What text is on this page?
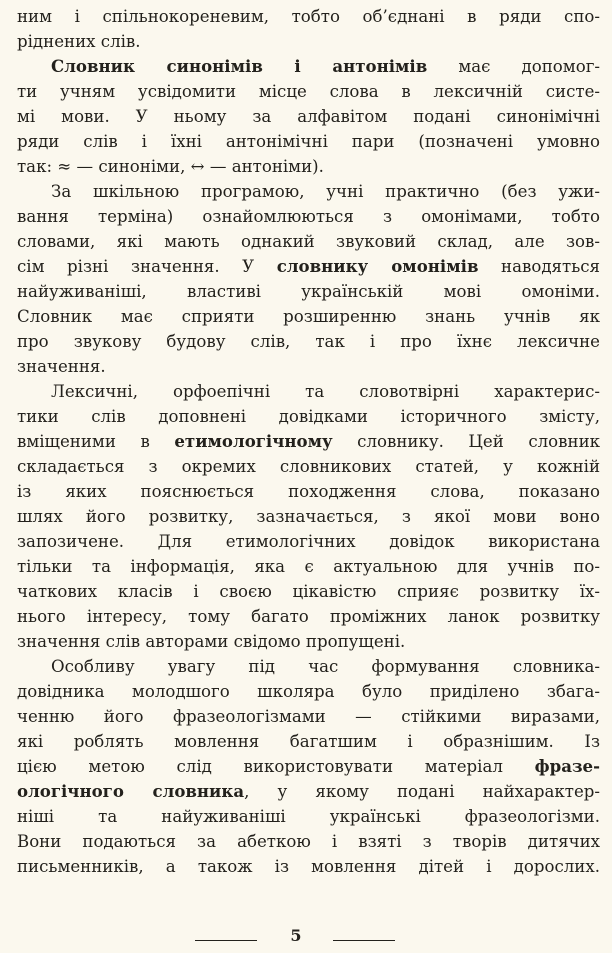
ним і спільнокореневим, тобто об’єднані в ряди спо-
ріднених слів.
Словник синонімів і антонімів має допомог-
ти учням усвідомити місце слова в лексичній систе-
мі мови. У ньому за алфавітом подані синонімічні
ряди слів і їхні антонімічні пари (позначені умовно
так: ≈ — синоніми, ↔ — антоніми).
За шкільною програмою, учні практично (без ужи-
вання терміна) ознайомлюються з омонімами, тобто
словами, які мають однакий звуковий склад, але зов-
сім різні значення. У словнику омонімів наводяться
найуживаніші, властиві українській мові омоніми.
Словник має сприяти розширенню знань учнів як
про звукову будову слів, так і про їхнє лексичне
значення.
Лексичні, орфоепічні та словотвірні характерис-
тики слів доповнені довідками історичного змісту,
вміщеними в етимологічному словнику. Цей словник
складається з окремих словникових статей, у кожній
із яких пояснюється походження слова, показано
шлях його розвитку, зазначається, з якої мови воно
запозичене. Для етимологічних довідок використана
тільки та інформація, яка є актуальною для учнів по-
чаткових класів і своєю цікавістю сприяє розвитку їх-
нього інтересу, тому багато проміжних ланок розвитку
значення слів авторами свідомо пропущені.
Особливу увагу під час формування словника-
довідника молодшого школяра було приділено збага-
ченню його фразеологізмами — стійкими виразами,
які роблять мовлення багатшим і образнішим. Із
цією метою слід використовувати матеріал фразе-
ологічного словника, у якому подані найхарактер-
ніші та найуживаніші українські фразеологізми.
Вони подаються за абеткою і взяті з творів дитячих
письменників, а також із мовлення дітей і дорослих.
5
